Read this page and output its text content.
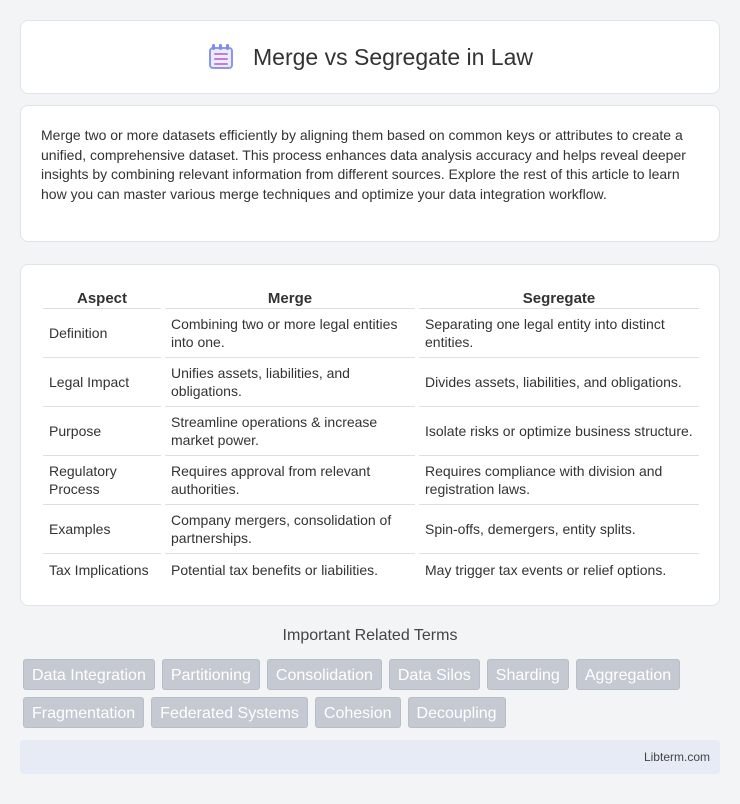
Merge vs Segregate in Law

Merge two or more datasets efficiently by aligning them based on common keys or attributes to create a unified, comprehensive dataset. This process enhances data analysis accuracy and helps reveal deeper insights by combining relevant information from different sources. Explore the rest of this article to learn how you can master various merge techniques and optimize your data integration workflow.

Aspect		Merge		Segregate
Definition		Combining two or more legal entities into one.		Separating one legal entity into distinct entities.
Legal Impact		Unifies assets, liabilities, and obligations.		Divides assets, liabilities, and obligations.
Purpose		Streamline operations & increase market power.		Isolate risks or optimize business structure.
Regulatory Process		Requires approval from relevant authorities.		Requires compliance with division and registration laws.
Examples		Company mergers, consolidation of partnerships.		Spin-offs, demergers, entity splits.
Tax Implications		Potential tax benefits or liabilities.		May trigger tax events or relief options.
Important Related Terms
Data Integration	Partitioning	Consolidation	Data Silos	Sharding	Aggregation
Fragmentation	Federated Systems	Cohesion	Decoupling
Libterm.com
